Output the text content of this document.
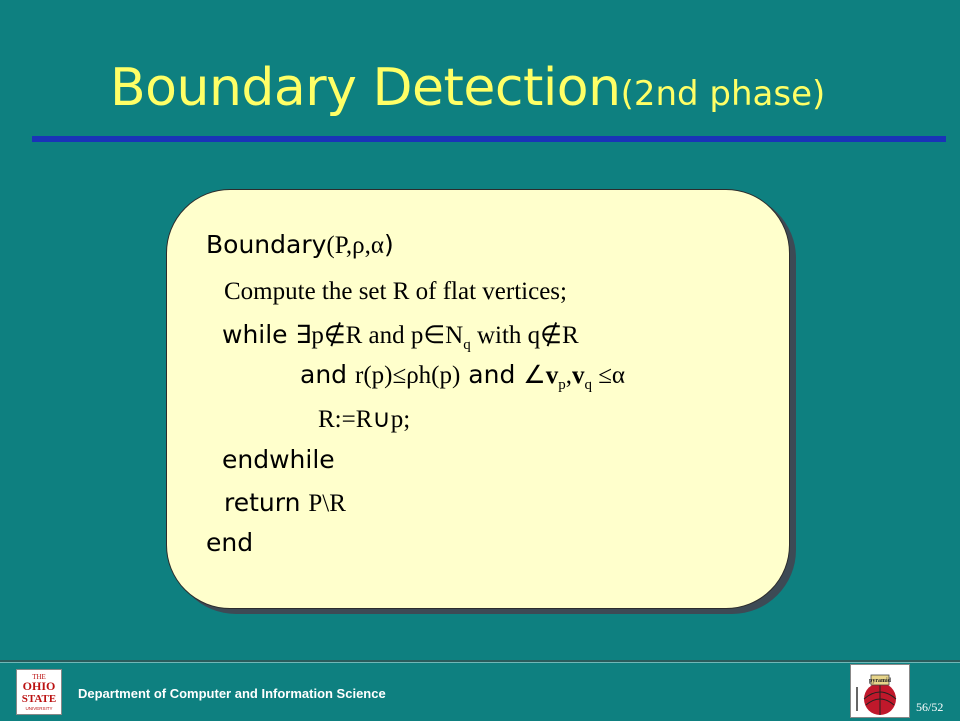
Boundary Detection(2nd phase)
Boundary(P,ρ,α)
Compute the set R of flat vertices;
while ∃p∉R and $p\in N_q$ with q∉R
and r(p)≤ρh(p) and $\angle v_p,v_q \le\alpha$
R:=R∪p;
endwhile
return P\R
end
THE
OHIO
STATE
UNIVERSITY
Department of Computer and Information Science
pyramid
56/52
